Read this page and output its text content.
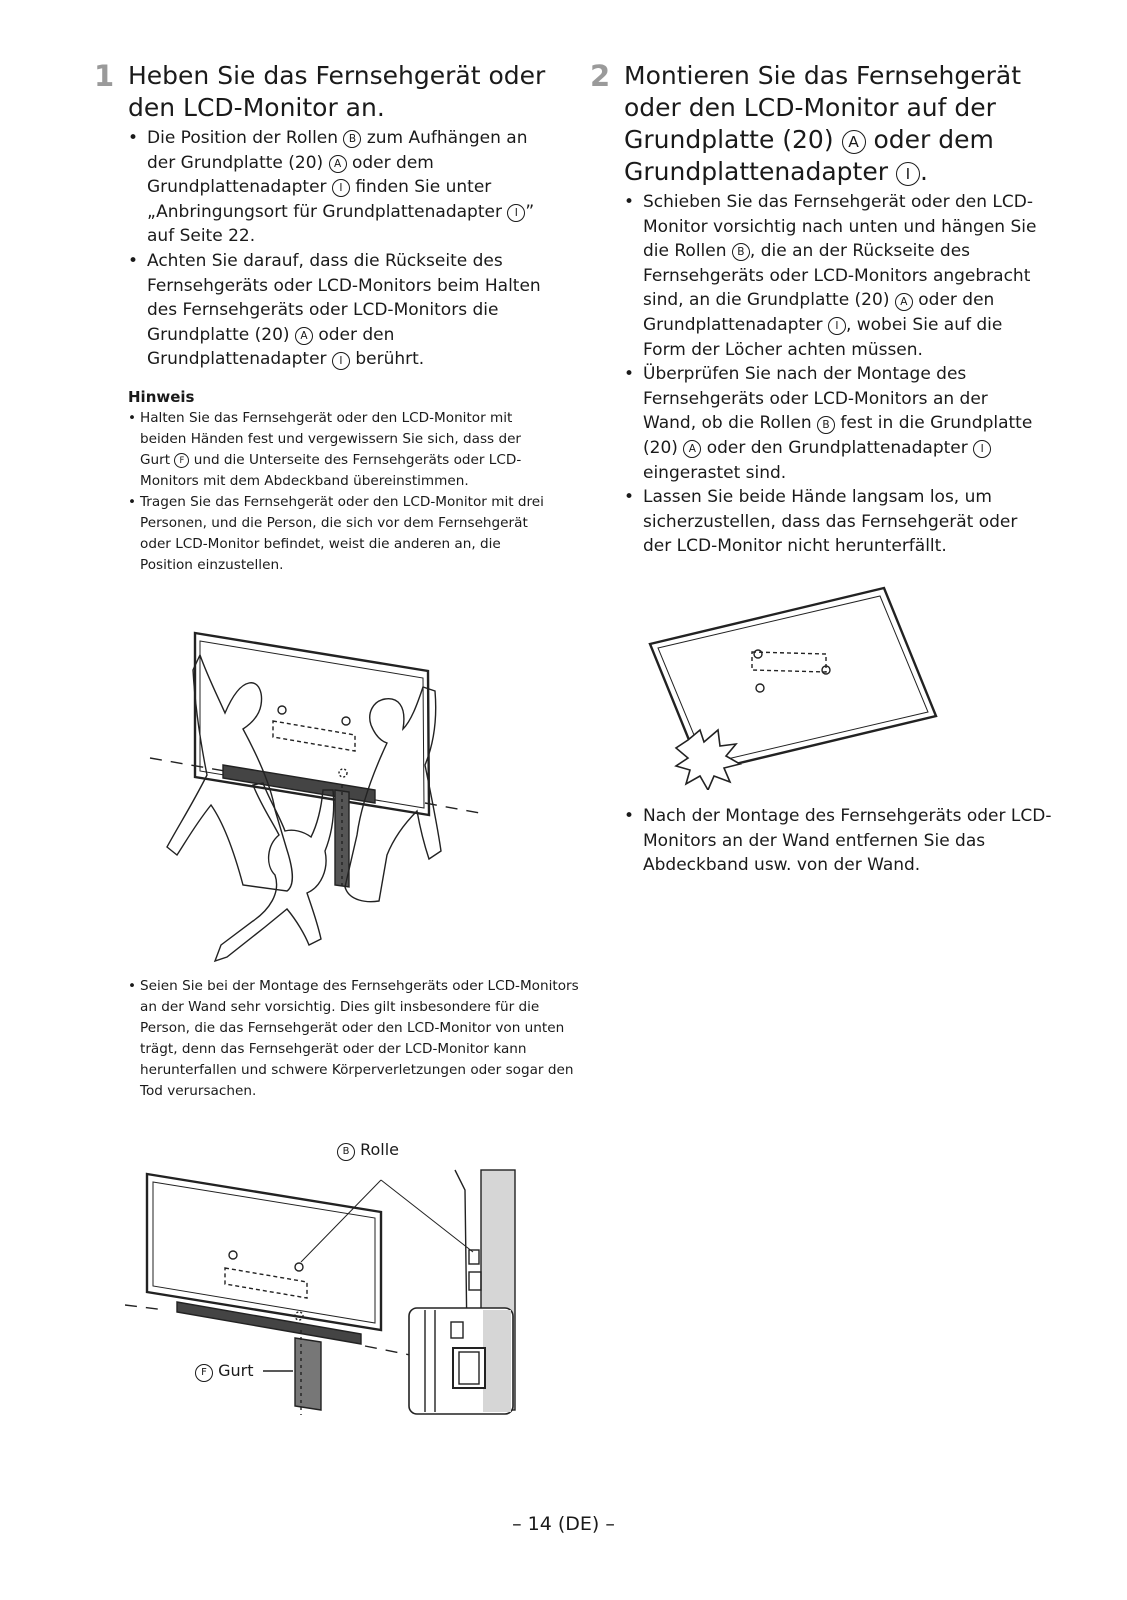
1 Heben Sie das Fernsehgerät oder den LCD-Monitor an.
• Die Position der Rollen B zum Aufhängen an der Grundplatte (20) A oder dem Grundplattenadapter I finden Sie unter „Anbringungsort für Grundplattenadapter I ” auf Seite 22.
• Achten Sie darauf, dass die Rückseite des Fernsehgeräts oder LCD-Monitors beim Halten des Fernsehgeräts oder LCD-Monitors die Grundplatte (20) A oder den Grundplattenadapter I berührt.
Hinweis
• Halten Sie das Fernsehgerät oder den LCD-Monitor mit beiden Händen fest und vergewissern Sie sich, dass der Gurt F und die Unterseite des Fernsehgeräts oder LCD-Monitors mit dem Abdeckband übereinstimmen.
• Tragen Sie das Fernsehgerät oder den LCD-Monitor mit drei Personen, und die Person, die sich vor dem Fernsehgerät oder LCD-Monitor befindet, weist die anderen an, die Position einzustellen.
• Seien Sie bei der Montage des Fernsehgeräts oder LCD-Monitors an der Wand sehr vorsichtig. Dies gilt insbesondere für die Person, die das Fernsehgerät oder den LCD-Monitor von unten trägt, denn das Fernsehgerät oder der LCD-Monitor kann herunterfallen und schwere Körperverletzungen oder sogar den Tod verursachen.
B Rolle
F Gurt
2 Montieren Sie das Fernsehgerät oder den LCD-Monitor auf der Grundplatte (20) A oder dem Grundplattenadapter I .
• Schieben Sie das Fernsehgerät oder den LCD-Monitor vorsichtig nach unten und hängen Sie die Rollen B , die an der Rückseite des Fernsehgeräts oder LCD-Monitors angebracht sind, an die Grundplatte (20) A oder den Grundplattenadapter I , wobei Sie auf die Form der Löcher achten müssen.
• Überprüfen Sie nach der Montage des Fernsehgeräts oder LCD-Monitors an der Wand, ob die Rollen B fest in die Grundplatte (20) A oder den Grundplattenadapter I eingerastet sind.
• Lassen Sie beide Hände langsam los, um sicherzustellen, dass das Fernsehgerät oder der LCD-Monitor nicht herunterfällt.
• Nach der Montage des Fernsehgeräts oder LCD-Monitors an der Wand entfernen Sie das Abdeckband usw. von der Wand.
– 14 (DE) –
